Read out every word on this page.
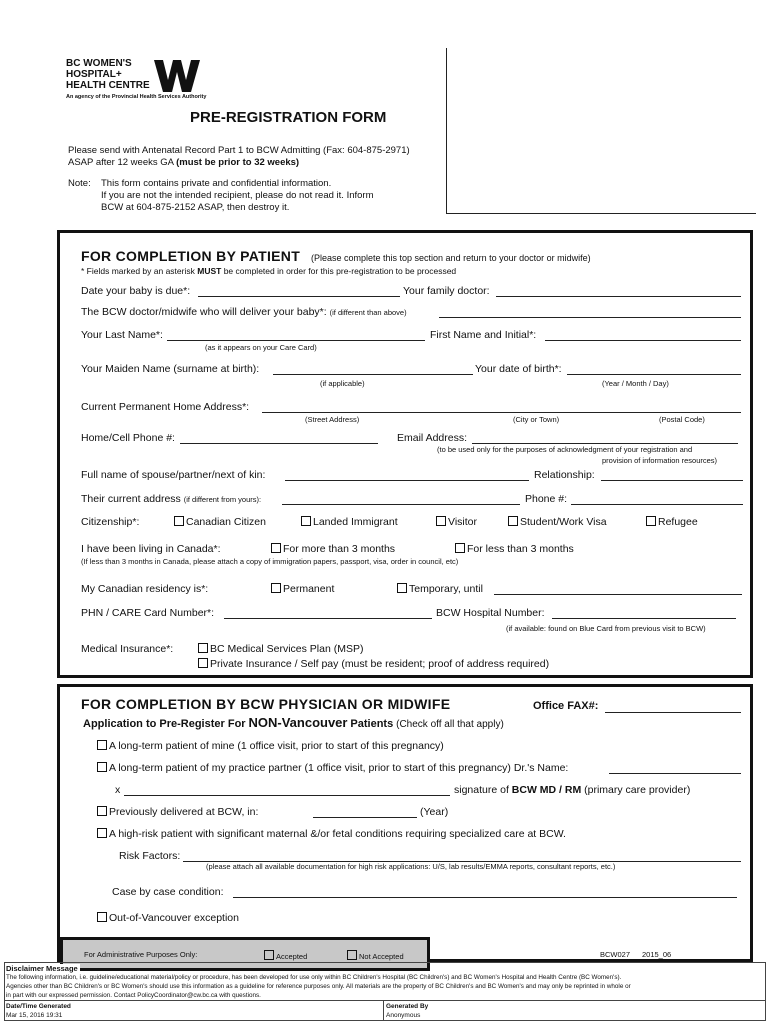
BC WOMEN'S
HOSPITAL+
HEALTH CENTRE
An agency of the Provincial Health Services Authority
PRE-REGISTRATION FORM
Please send with Antenatal Record Part 1 to BCW Admitting (Fax: 604-875-2971)
ASAP after 12 weeks GA (must be prior to 32 weeks)
Note: This form contains private and confidential information.
If you are not the intended recipient, please do not read it. Inform
BCW at 604-875-2152 ASAP, then destroy it.
FOR COMPLETION BY PATIENT (Please complete this top section and return to your doctor or midwife)
* Fields marked by an asterisk MUST be completed in order for this pre-registration to be processed
Date your baby is due*:	Your family doctor:
The BCW doctor/midwife who will deliver your baby*: (if different than above)
Your Last Name*:	First Name and Initial*:
(as it appears on your Care Card)
Your Maiden Name (surname at birth):	Your date of birth*:
(if applicable)	(Year / Month / Day)
Current Permanent Home Address*:
(Street Address)	(City or Town)	(Postal Code)
Home/Cell Phone #:	Email Address:
(to be used only for the purposes of acknowledgment of your registration and
provision of information resources)
Full name of spouse/partner/next of kin:	Relationship:
Their current address (if different from yours):	Phone #:
Citizenship*:	Canadian Citizen	Landed Immigrant	Visitor	Student/Work Visa	Refugee
I have been living in Canada*:	For more than 3 months	For less than 3 months
(If less than 3 months in Canada, please attach a copy of immigration papers, passport, visa, order in council, etc)
My Canadian residency is*:	Permanent	Temporary, until
PHN / CARE Card Number*:	BCW Hospital Number:
(if available: found on Blue Card from previous visit to BCW)
Medical Insurance*:	BC Medical Services Plan (MSP)
Private Insurance / Self pay (must be resident; proof of address required)
FOR COMPLETION BY BCW PHYSICIAN OR MIDWIFE	Office FAX#:
Application to Pre-Register For NON-Vancouver Patients (Check off all that apply)
A long-term patient of mine (1 office visit, prior to start of this pregnancy)
A long-term patient of my practice partner (1 office visit, prior to start of this pregnancy) Dr.'s Name:
x	signature of BCW MD / RM (primary care provider)
Previously delivered at BCW, in:	(Year)
A high-risk patient with significant maternal &/or fetal conditions requiring specialized care at BCW.
Risk Factors:
(please attach all available documentation for high risk applications: U/S, lab results/EMMA reports, consultant reports, etc.)
Case by case condition:
Out-of-Vancouver exception
For Administrative Purposes Only:	Accepted	Not Accepted	BCW027 2015_06
Disclaimer Message
The following information, i.e. guideline/educational material/policy or procedure, has been developed for use only within BC Children's Hospital (BC Children's) and BC Women's Hospital and Health Centre (BC Women's).
Agencies other than BC Children's or BC Women's should use this information as a guideline for reference purposes only. All materials are the property of BC Children's and BC Women's and may only be reprinted in whole or
in part with our expressed permission. Contact PolicyCoordinator@cw.bc.ca with questions.
Date/Time Generated
Mar 15, 2016 19:31
Generated By
Anonymous
